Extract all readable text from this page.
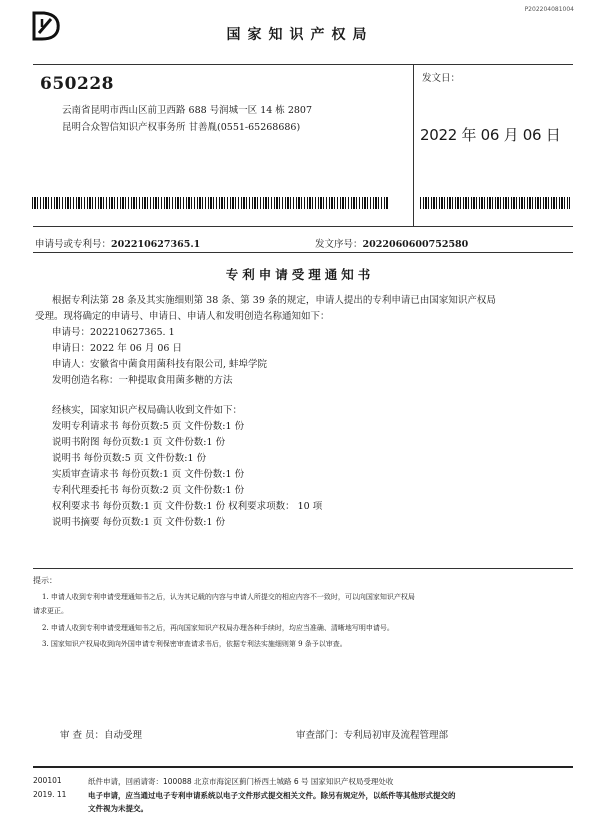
P202204081004
国家知识产权局
650228
云南省昆明市西山区前卫西路 688 号润城一区 14 栋 2807
昆明合众智信知识产权事务所 甘善胤(0551-65268686)
发文日：
2022 年 06 月 06 日
申请号或专利号：202210627365.1	发文序号：2022060600752580
专利申请受理通知书
根据专利法第 28 条及其实施细则第 38 条、第 39 条的规定，申请人提出的专利申请已由国家知识产权局
受理。现将确定的申请号、申请日、申请人和发明创造名称通知如下：
申请号：202210627365. 1
申请日：2022 年 06 月 06 日
申请人：安徽省中菌食用菌科技有限公司, 蚌埠学院
发明创造名称：一种提取食用菌多糖的方法
经核实，国家知识产权局确认收到文件如下：
发明专利请求书 每份页数:5 页 文件份数:1 份
说明书附图 每份页数:1 页 文件份数:1 份
说明书 每份页数:5 页 文件份数:1 份
实质审查请求书 每份页数:1 页 文件份数:1 份
专利代理委托书 每份页数:2 页 文件份数:1 份
权利要求书 每份页数:1 页 文件份数:1 份 权利要求项数： 10 项
说明书摘要 每份页数:1 页 文件份数:1 份
提示：
1. 申请人收到专利申请受理通知书之后，认为其记载的内容与申请人所提交的相应内容不一致时，可以向国家知识产权局
请求更正。
2. 申请人收到专利申请受理通知书之后，再向国家知识产权局办理各种手续时，均应当准确、清晰地写明申请号。
3. 国家知识产权局收到向外国申请专利保密审查请求书后，依据专利法实施细则第 9 条予以审查。
审 查 员：自动受理	审查部门：专利局初审及流程管理部
200101
2019. 11
纸件申请，回函请寄：100088 北京市海淀区蓟门桥西土城路 6 号 国家知识产权局受理处收
电子申请，应当通过电子专利申请系统以电子文件形式提交相关文件。除另有规定外，以纸件等其他形式提交的
文件视为未提交。
